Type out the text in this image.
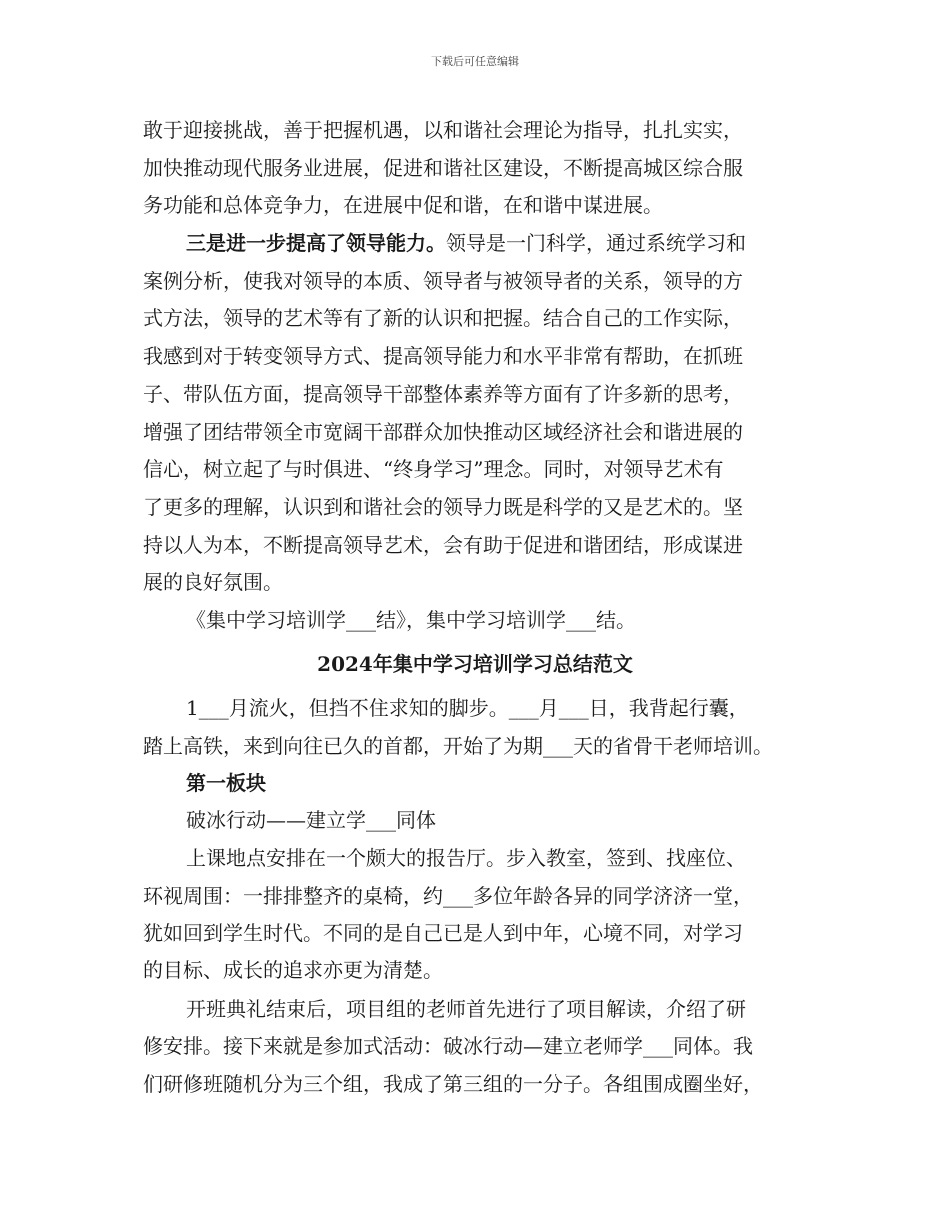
下载后可任意编辑
敢于迎接挑战，善于把握机遇，以和谐社会理论为指导，扎扎实实，
加快推动现代服务业进展，促进和谐社区建设，不断提高城区综合服
务功能和总体竞争力，在进展中促和谐，在和谐中谋进展。
三是进一步提高了领导能力。领导是一门科学，通过系统学习和
案例分析，使我对领导的本质、领导者与被领导者的关系，领导的方
式方法，领导的艺术等有了新的认识和把握。结合自己的工作实际，
我感到对于转变领导方式、提高领导能力和水平非常有帮助，在抓班
子、带队伍方面，提高领导干部整体素养等方面有了许多新的思考，
增强了团结带领全市宽阔干部群众加快推动区域经济社会和谐进展的
信心，树立起了与时俱进、“终身学习”理念。同时，对领导艺术有
了更多的理解，认识到和谐社会的领导力既是科学的又是艺术的。坚
持以人为本，不断提高领导艺术，会有助于促进和谐团结，形成谋进
展的良好氛围。
《集中学习培训学___结》，集中学习培训学___结。
2024年集中学习培训学习总结范文
1___月流火，但挡不住求知的脚步。___月___日，我背起行囊，
踏上高铁，来到向往已久的首都，开始了为期___天的省骨干老师培训。
第一板块
破冰行动——建立学___同体
上课地点安排在一个颇大的报告厅。步入教室，签到、找座位、
环视周围：一排排整齐的桌椅，约___多位年龄各异的同学济济一堂，
犹如回到学生时代。不同的是自己已是人到中年，心境不同，对学习
的目标、成长的追求亦更为清楚。
开班典礼结束后，项目组的老师首先进行了项目解读，介绍了研
修安排。接下来就是参加式活动：破冰行动—建立老师学___同体。我
们研修班随机分为三个组，我成了第三组的一分子。各组围成圈坐好，
